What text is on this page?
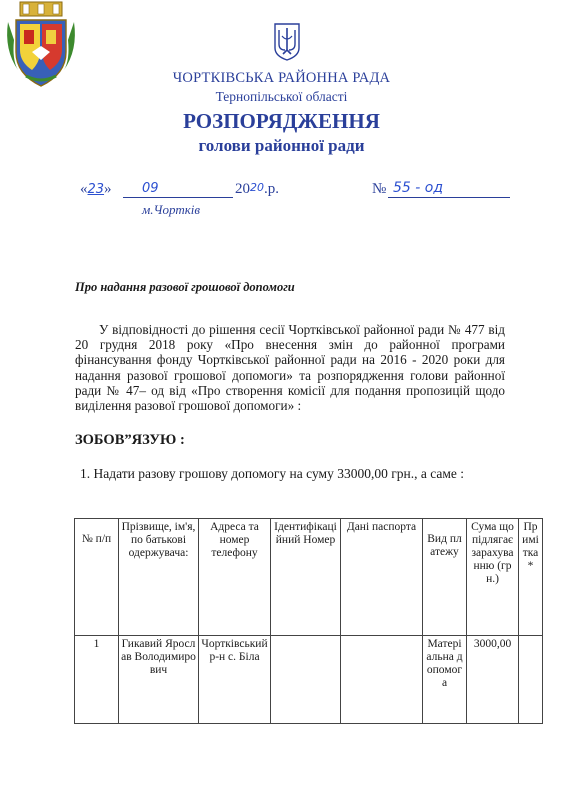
ЧОРТКІВСЬКА РАЙОННА РАДА
Тернопільської області
РОЗПОРЯДЖЕННЯ
голови районної ради
«23» 09	$20^{20}.р$.
м.Чортків
№ 55 - од
Про надання разової грошової допомоги
У відповідності до рішення сесії Чортківської районної ради № 477 від 20 грудня 2018 року «Про внесення змін до районної програми фінансування фонду Чортківської районної ради на 2016 - 2020 роки для надання разової грошової допомоги» та розпорядження голови районної ради № 47– од від «Про створення комісії для подання пропозицій щодо виділення разової грошової допомоги» :
ЗОБОВ”ЯЗУЮ :
1. Надати разову грошову допомогу на суму 33000,00 грн., а саме :
№ п/п	Прізвище, ім'я, по батькові одержувача:	Адреса та номер телефону	Ідентифікаційний Номер	Дані паспорта	Вид платежу	Сума що підлягає зарахуванню (грн.)	Примітка*
1	Гикавий Ярослав Володимирович	Чортківський р-н с. Біла			Матеріальна допомога	3000,00	
